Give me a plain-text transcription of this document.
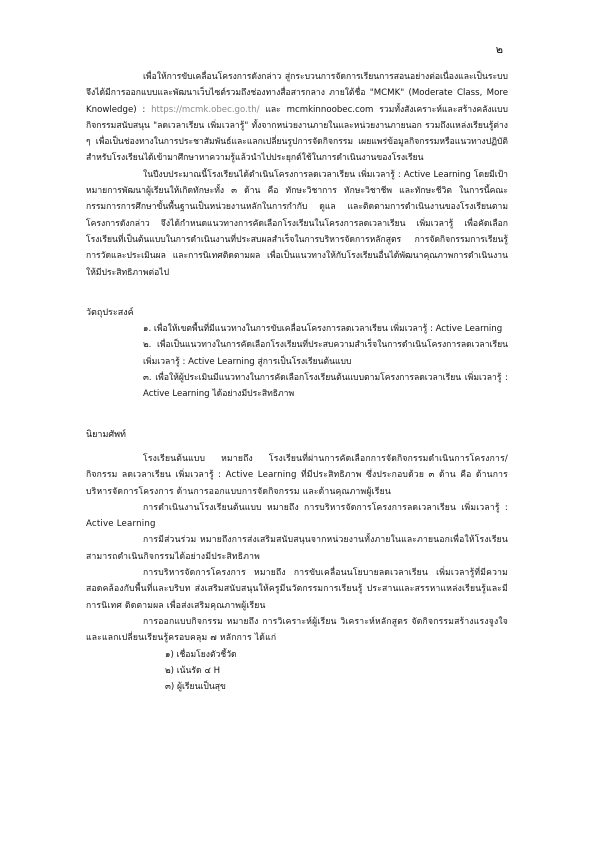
๒

เพื่อให้การขับเคลื่อนโครงการดังกล่าว สู่กระบวนการจัดการเรียนการสอนอย่างต่อเนื่องและเป็นระบบ จึงได้มีการออกแบบและพัฒนาเว็บไซต์รวมถึงช่องทางสื่อสารกลาง ภายใต้ชื่อ "MCMK" (Moderate Class, More Knowledge) : https://mcmk.obec.go.th/ และ mcmkinnoobec.com รวมทั้งสังเคราะห์และสร้างคลังแบบกิจกรรมสนับสนุน "ลดเวลาเรียน เพิ่มเวลารู้" ทั้งจากหน่วยงานภายในและหน่วยงานภายนอก รวมถึงแหล่งเรียนรู้ต่าง ๆ เพื่อเป็นช่องทางในการประชาสัมพันธ์และแลกเปลี่ยนรูปการจัดกิจกรรม เผยแพร่ข้อมูลกิจกรรมหรือแนวทางปฏิบัติสำหรับโรงเรียนได้เข้ามาศึกษาหาความรู้แล้วนำไปประยุกต์ใช้ในการดำเนินงานของโรงเรียน

ในปีงบประมาณนี้โรงเรียนได้ดำเนินโครงการลดเวลาเรียน เพิ่มเวลารู้ : Active Learning โดยมีเป้าหมายการพัฒนาผู้เรียนให้เกิดทักษะทั้ง ๓ ด้าน คือ ทักษะวิชาการ ทักษะวิชาชีพ และทักษะชีวิต ในการนี้คณะกรรมการการศึกษาขั้นพื้นฐานเป็นหน่วยงานหลักในการกำกับ ดูแล และติดตามการดำเนินงานของโรงเรียนตามโครงการดังกล่าว จึงได้กำหนดแนวทางการคัดเลือกโรงเรียนในโครงการลดเวลาเรียน เพิ่มเวลารู้ เพื่อคัดเลือกโรงเรียนที่เป็นต้นแบบในการดำเนินงานที่ประสบผลสำเร็จในการบริหารจัดการหลักสูตร การจัดกิจกรรมการเรียนรู้ การวัดและประเมินผล และการนิเทศติดตามผล เพื่อเป็นแนวทางให้กับโรงเรียนอื่นได้พัฒนาคุณภาพการดำเนินงานให้มีประสิทธิภาพต่อไป

วัตถุประสงค์

๑. เพื่อให้เขตพื้นที่มีแนวทางในการขับเคลื่อนโครงการลดเวลาเรียน เพิ่มเวลารู้ : Active Learning

๒. เพื่อเป็นแนวทางในการคัดเลือกโรงเรียนที่ประสบความสำเร็จในการดำเนินโครงการลดเวลาเรียน เพิ่มเวลารู้ : Active Learning สู่การเป็นโรงเรียนต้นแบบ

๓. เพื่อให้ผู้ประเมินมีแนวทางในการคัดเลือกโรงเรียนต้นแบบตามโครงการลดเวลาเรียน เพิ่มเวลารู้ : Active Learning ได้อย่างมีประสิทธิภาพ

นิยามศัพท์

โรงเรียนต้นแบบ หมายถึง โรงเรียนที่ผ่านการคัดเลือกการจัดกิจกรรมดำเนินการโครงการ/กิจกรรม ลดเวลาเรียน เพิ่มเวลารู้ : Active Learning ที่มีประสิทธิภาพ ซึ่งประกอบด้วย ๓ ด้าน คือ ด้านการบริหารจัดการโครงการ ด้านการออกแบบการจัดกิจกรรม และด้านคุณภาพผู้เรียน

การดำเนินงานโรงเรียนต้นแบบ หมายถึง การบริหารจัดการโครงการลดเวลาเรียน เพิ่มเวลารู้ : Active Learning

การมีส่วนร่วม หมายถึงการส่งเสริมสนับสนุนจากหน่วยงานทั้งภายในและภายนอกเพื่อให้โรงเรียนสามารถดำเนินกิจกรรมได้อย่างมีประสิทธิภาพ

การบริหารจัดการโครงการ หมายถึง การขับเคลื่อนนโยบายลดเวลาเรียน เพิ่มเวลารู้ที่มีความสอดคล้องกับพื้นที่และบริบท ส่งเสริมสนับสนุนให้ครูมีนวัตกรรมการเรียนรู้ ประสานและสรรหาแหล่งเรียนรู้และมีการนิเทศ ติดตามผล เพื่อส่งเสริมคุณภาพผู้เรียน

การออกแบบกิจกรรม หมายถึง การวิเคราะห์ผู้เรียน วิเคราะห์หลักสูตร จัดกิจกรรมสร้างแรงจูงใจ และแลกเปลี่ยนเรียนรู้ครอบคลุม ๗ หลักการ ได้แก่

๑) เชื่อมโยงตัวชี้วัด

๒) เน้นรัด ๔ H

๓) ผู้เรียนเป็นสุข
